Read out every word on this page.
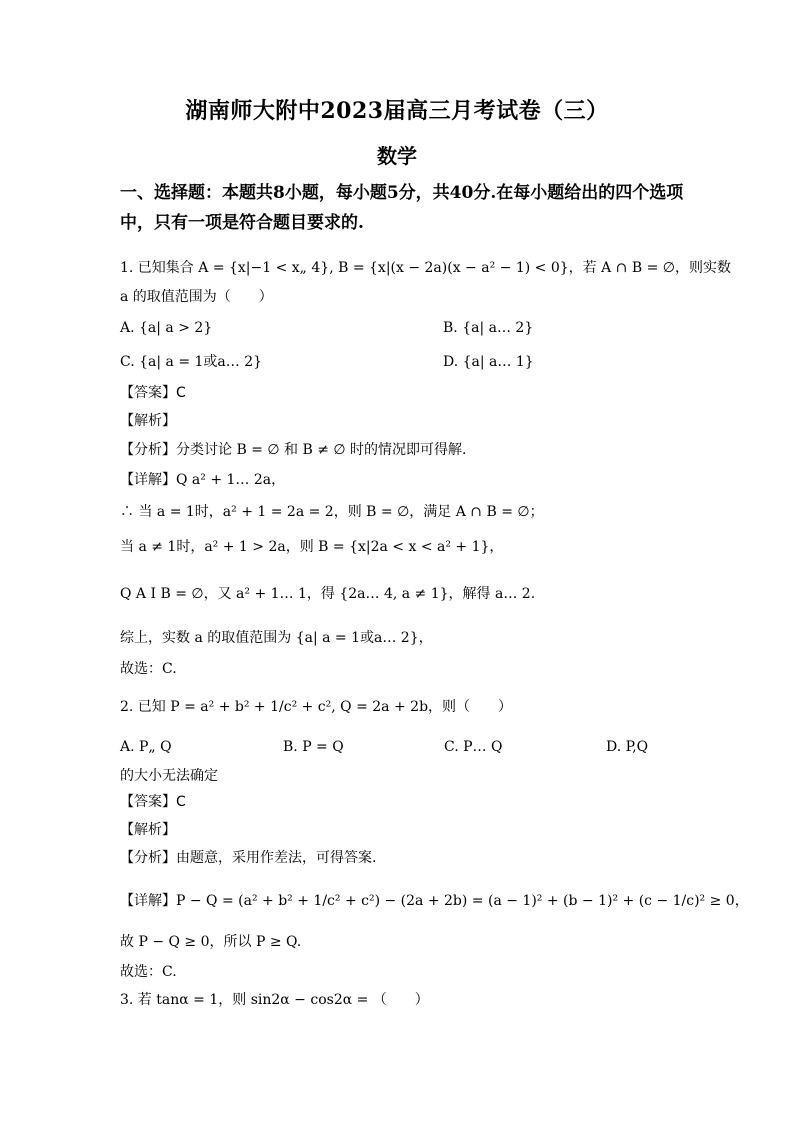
湖南师大附中2023届高三月考试卷（三）
数学
一、选择题：本题共8小题，每小题5分，共40分.在每小题给出的四个选项
中，只有一项是符合题目要求的.
1. 已知集合 A = {x|−1 < x„ 4}, B = {x|(x − 2a)(x − a² − 1) < 0}，若 A ∩ B = ∅，则实数
a 的取值范围为（　　）
A. {a| a > 2}	B. {a| a… 2}
C. {a| a = 1或a… 2}	D. {a| a… 1}
【答案】C
【解析】
【分析】分类讨论 B = ∅ 和 B ≠ ∅ 时的情况即可得解.
【详解】Q a² + 1… 2a，
∴ 当 a = 1时，a² + 1 = 2a = 2，则 B = ∅，满足 A ∩ B = ∅；
当 a ≠ 1时，a² + 1 > 2a，则 B = {x|2a < x < a² + 1}，
Q A I B = ∅，又 a² + 1… 1，得 {2a… 4, a ≠ 1}，解得 a… 2.
综上，实数 a 的取值范围为 {a| a = 1或a… 2}，
故选：C.
2. 已知 P = a² + b² + 1/c² + c², Q = 2a + 2b，则（　　）
A. P„ Q	B. P = Q	C. P… Q	D. P,Q
的大小无法确定
【答案】C
【解析】
【分析】由题意，采用作差法，可得答案.
【详解】P − Q = (a² + b² + 1/c² + c²) − (2a + 2b) = (a − 1)² + (b − 1)² + (c − 1/c)² ≥ 0，
故 P − Q ≥ 0，所以 P ≥ Q.
故选：C.
3. 若 tanα = 1，则 sin2α − cos2α = （　　）
